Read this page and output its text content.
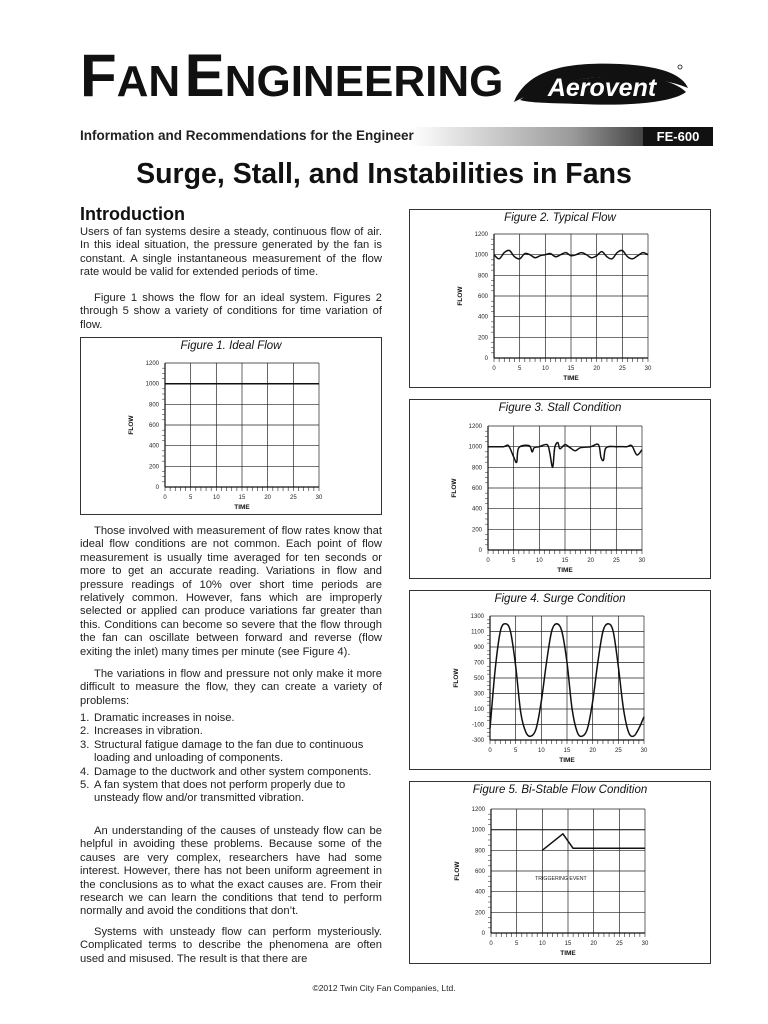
FAN ENGINEERING Aerovent
Information and Recommendations for the Engineer	FE-600
Surge, Stall, and Instabilities in Fans
Introduction

Users of fan systems desire a steady, continuous flow of air. In this ideal situation, the pressure generated by the fan is constant. A single instantaneous measurement of the flow rate would be valid for extended periods of time.

Figure 1 shows the flow for an ideal system. Figures 2 through 5 show a variety of conditions for time variation of flow.

Figure 1. Ideal Flow
0	5	10	15	20	25	30
0
200
400
600
800
1000
1200
TIME
FLOW

Those involved with measurement of flow rates know that ideal flow conditions are not common. Each point of flow measurement is usually time averaged for ten seconds or more to get an accurate reading. Variations in flow and pressure readings of 10% over short time periods are relatively common. However, fans which are improperly selected or applied can produce variations far greater than this. Conditions can become so severe that the flow through the fan can oscillate between forward and reverse (flow exiting the inlet) many times per minute (see Figure 4).

The variations in flow and pressure not only make it more difficult to measure the flow, they can create a variety of problems:

1. Dramatic increases in noise.
2. Increases in vibration.
3. Structural fatigue damage to the fan due to continuous loading and unloading of components.
4. Damage to the ductwork and other system components.
5. A fan system that does not perform properly due to unsteady flow and/or transmitted vibration.

An understanding of the causes of unsteady flow can be helpful in avoiding these problems. Because some of the causes are very complex, researchers have had some interest. However, there has not been uniform agreement in the conclusions as to what the exact causes are. From their research we can learn the conditions that tend to perform normally and avoid the conditions that don’t.

Systems with unsteady flow can perform mysteriously. Complicated terms to describe the phenomena are often used and misused. The result is that there are

Figure 2. Typical Flow
0	5	10	15	20	25	30
0
200
400
600
800
1000
1200
TIME
FLOW
Figure 3. Stall Condition
0	5	10	15	20	25	30
0
200
400
600
800
1000
1200
TIME
FLOW
Figure 4. Surge Condition
0	5	10	15	20	25	30
-300
-100
100
300
500
700
900
1100
1300
TIME
FLOW
Figure 5. Bi-Stable Flow Condition
0	5	10	15	20	25	30
0
200
400
600
800
1000
1200
TIME
FLOW	TRIGGERING EVENT
©2012 Twin City Fan Companies, Ltd.
